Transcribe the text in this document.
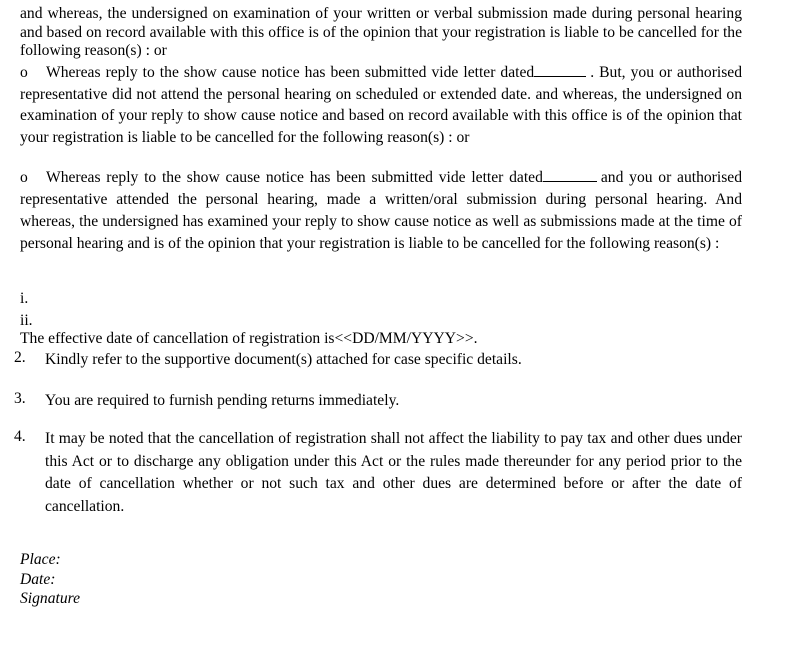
and whereas, the undersigned on examination of your written or verbal submission made during personal hearing and based on record available with this office is of the opinion that your registration is liable to be cancelled for the following reason(s) : or
o Whereas reply to the show cause notice has been submitted vide letter dated	. But, you or authorised representative did not attend the personal hearing on scheduled or extended date. and whereas, the undersigned on examination of your reply to show cause notice and based on record available with this office is of the opinion that your registration is liable to be cancelled for the following reason(s) : or
o Whereas reply to the show cause notice has been submitted vide letter dated	and you or authorised representative attended the personal hearing, made a written/oral submission during personal hearing. And whereas, the undersigned has examined your reply to show cause notice as well as submissions made at the time of personal hearing and is of the opinion that your registration is liable to be cancelled for the following reason(s) :
i.
ii.
The effective date of cancellation of registration is<<DD/MM/YYYY>>.
2. Kindly refer to the supportive document(s) attached for case specific details.
3. You are required to furnish pending returns immediately.
4. It may be noted that the cancellation of registration shall not affect the liability to pay tax and other dues under this Act or to discharge any obligation under this Act or the rules made thereunder for any period prior to the date of cancellation whether or not such tax and other dues are determined before or after the date of cancellation.
Place:
Date:
Signature
